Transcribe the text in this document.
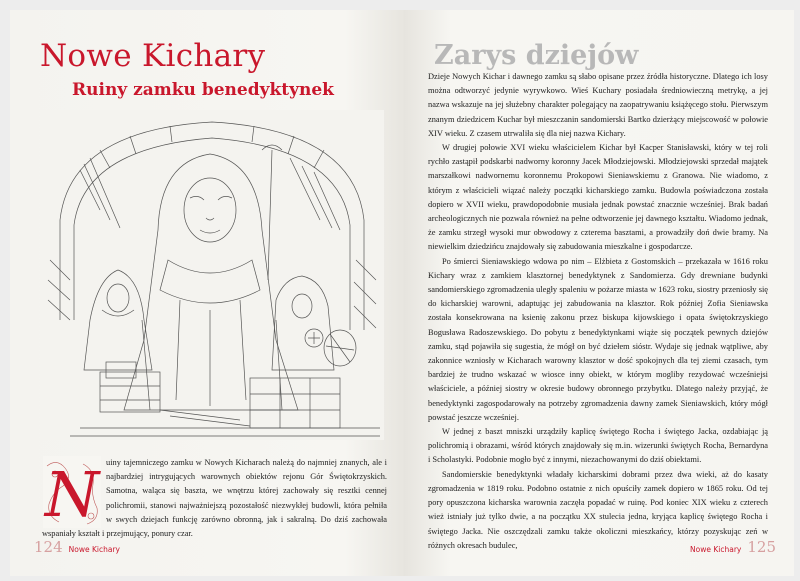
Nowe Kichary
Ruiny zamku benedyktynek
N uiny tajemniczego zamku w Nowych Kicharach należą do najmniej znanych, ale i najbardziej intrygujących warownych obiektów rejonu Gór Świętokrzyskich. Samotna, waląca się baszta, we wnętrzu której zachowały się resztki cennej polichromii, stanowi najważniejszą pozostałość niezwykłej budowli, która pełniła w swych dziejach funkcję zarówno obronną, jak i sakralną. Do dziś zachowała wspaniały kształt i przejmujący, ponury czar.
124 Nowe Kichary
Zarys dziejów

Dzieje Nowych Kichar i dawnego zamku są słabo opisane przez źródła historyczne. Dlatego ich losy można odtworzyć jedynie wyrywkowo. Wieś Kuchary posiadała średniowieczną metrykę, a jej nazwa wskazuje na jej służebny charakter polegający na zaopatrywaniu książęcego stołu. Pierwszym znanym dziedzicem Kuchar był mieszczanin sandomierski Bartko dzierżący miejscowość w połowie XIV wieku. Z czasem utrwaliła się dla niej nazwa Kichary.

W drugiej połowie XVI wieku właścicielem Kichar był Kacper Stanisławski, który w tej roli rychło zastąpił podskarbi nadworny koronny Jacek Młodziejowski. Młodziejowski sprzedał majątek marszałkowi nadwornemu koronnemu Prokopowi Sieniawskiemu z Granowa. Nie wiadomo, z którym z właścicieli wiązać należy początki kicharskiego zamku. Budowla poświadczona została dopiero w XVII wieku, prawdopodobnie musiała jednak powstać znacznie wcześniej. Brak badań archeologicznych nie pozwala również na pełne odtworzenie jej dawnego kształtu. Wiadomo jednak, że zamku strzegł wysoki mur obwodowy z czterema basztami, a prowadziły doń dwie bramy. Na niewielkim dziedzińcu znajdowały się zabudowania mieszkalne i gospodarcze.

Po śmierci Sieniawskiego wdowa po nim – Elżbieta z Gostomskich – przekazała w 1616 roku Kichary wraz z zamkiem klasztornej benedyktynek z Sandomierza. Gdy drewniane budynki sandomierskiego zgromadzenia uległy spaleniu w pożarze miasta w 1623 roku, siostry przeniosły się do kicharskiej warowni, adaptując jej zabudowania na klasztor. Rok później Zofia Sieniawska została konsekrowana na ksienię zakonu przez biskupa kijowskiego i opata świętokrzyskiego Bogusława Radoszewskiego. Do pobytu z benedyktynkami wiąże się początek pewnych dziejów zamku, stąd pojawiła się sugestia, że mógł on być dziełem sióstr. Wydaje się jednak wątpliwe, aby zakonnice wzniosły w Kicharach warowny klasztor w dość spokojnych dla tej ziemi czasach, tym bardziej że trudno wskazać w wiosce inny obiekt, w którym mogliby rezydować wcześniejsi właściciele, a później siostry w okresie budowy obronnego przybytku. Dlatego należy przyjąć, że benedyktynki zagospodarowały na potrzeby zgromadzenia dawny zamek Sieniawskich, który mógł powstać jeszcze wcześniej.

W jednej z baszt mniszki urządziły kaplicę świętego Rocha i świętego Jacka, ozdabiając ją polichromią i obrazami, wśród których znajdowały się m.in. wizerunki świętych Rocha, Bernardyna i Scholastyki. Podobnie mogło być z innymi, niezachowanymi do dziś obiektami.

Sandomierskie benedyktynki władały kicharskimi dobrami przez dwa wieki, aż do kasaty zgromadzenia w 1819 roku. Podobno ostatnie z nich opuściły zamek dopiero w 1865 roku. Od tej pory opuszczona kicharska warownia zaczęła popadać w ruinę. Pod koniec XIX wieku z czterech wież istniały już tylko dwie, a na początku XX stulecia jedna, kryjąca kaplicę świętego Rocha i świętego Jacka. Nie oszczędzali zamku także okoliczni mieszkańcy, którzy pozyskując zeń w różnych okresach budulec,	Nowe Kichary 125
